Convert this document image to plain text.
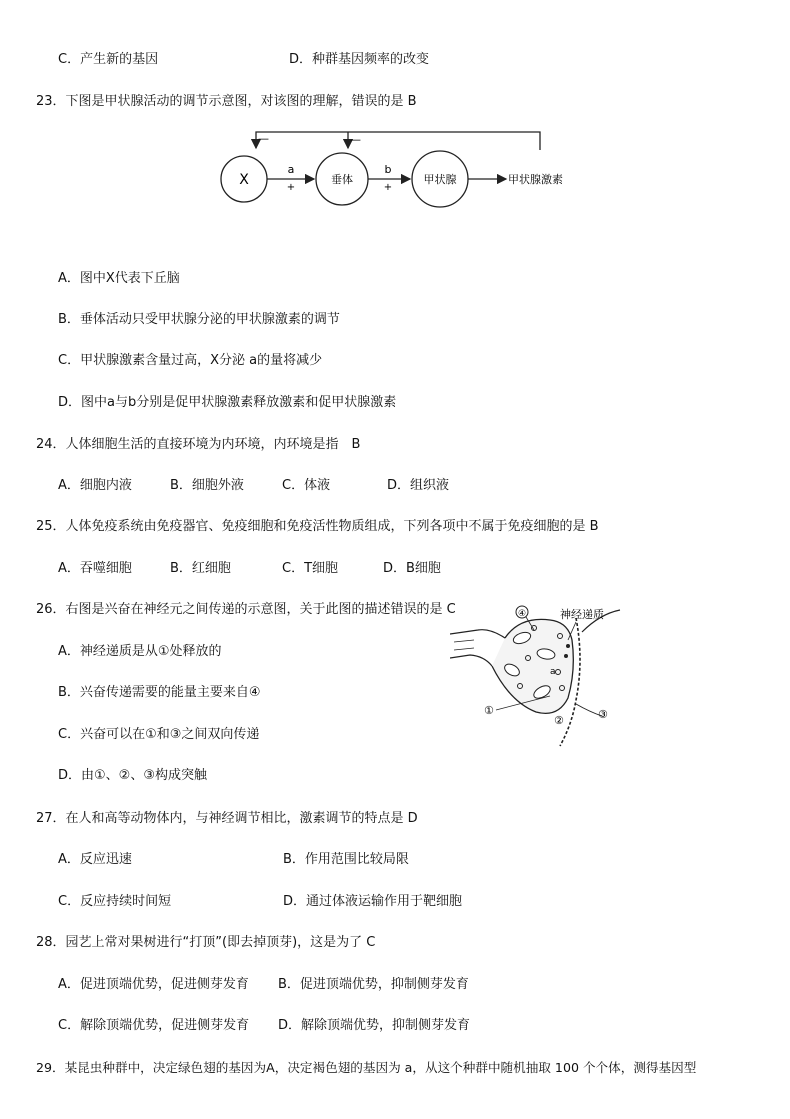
C．产生新的基因	D．种群基因频率的改变
23．下图是甲状腺活动的调节示意图，对该图的理解，错误的是 B
—	—
X	垂体	甲状腺
a
+
b
+
甲状腺激素
A．图中X代表下丘脑
B．垂体活动只受甲状腺分泌的甲状腺激素的调节
C．甲状腺激素含量过高，X分泌 a的量将减少
D．图中a与b分别是促甲状腺激素释放激素和促甲状腺激素
24．人体细胞生活的直接环境为内环境，内环境是指　B
A．细胞内液	B．细胞外液	C．体液	D．组织液
25．人体免疫系统由免疫器官、免疫细胞和免疫活性物质组成，下列各项中不属于免疫细胞的是 B
A．吞噬细胞	B．红细胞	C．T细胞	D．B细胞
26．右图是兴奋在神经元之间传递的示意图，关于此图的描述错误的是 C
A．神经递质是从①处释放的
B．兴奋传递需要的能量主要来自④
C．兴奋可以在①和③之间双向传递
D．由①、②、③构成突触
a
④	神经递质
①
②	③
27．在人和高等动物体内，与神经调节相比，激素调节的特点是 D
A．反应迅速	B．作用范围比较局限
C．反应持续时间短	D．通过体液运输作用于靶细胞
28．园艺上常对果树进行“打顶”(即去掉顶芽)，这是为了 C
A．促进顶端优势，促进侧芽发育 B．促进顶端优势，抑制侧芽发育
C．解除顶端优势，促进侧芽发育 D．解除顶端优势，抑制侧芽发育
29．某昆虫种群中，决定绿色翅的基因为A，决定褐色翅的基因为 a，从这个种群中随机抽取 100 个个体，测得基因型
